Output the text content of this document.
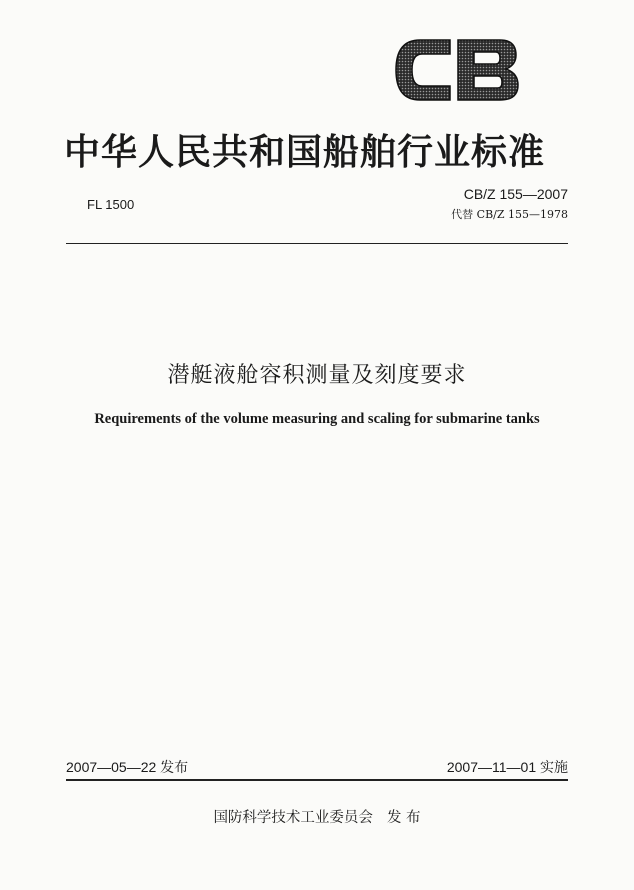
中华人民共和国船舶行业标准
FL 1500
CB/Z 155—2007
代替 CB/Z 155—1978
潜艇液舱容积测量及刻度要求
Requirements of the volume measuring and scaling for submarine tanks
2007—05—22 发布	2007—11—01 实施
国防科学技术工业委员会 发 布
